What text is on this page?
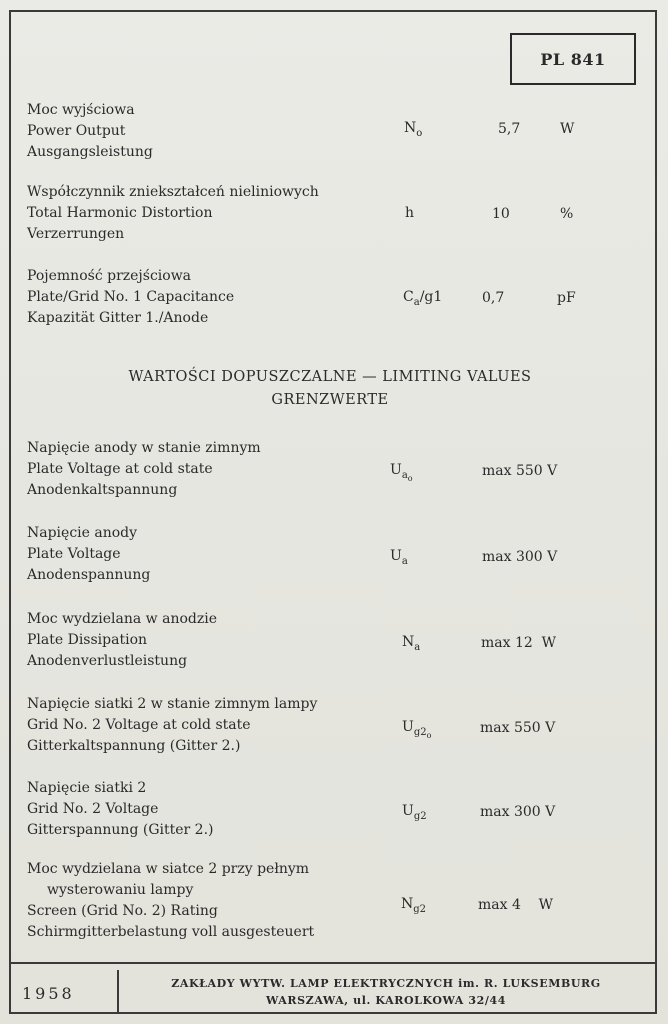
PL 841
Moc wyjściowa
Power Output
Ausgangsleistung
$N_o$	5,7	W
Współczynnik zniekształceń nieliniowych
Total Harmonic Distortion
Verzerrungen
h	10	%
Pojemność przejściowa
Plate/Grid No. 1 Capacitance
Kapazität Gitter 1./Anode
$C_a/g1$	0,7	pF
WARTOŚCI DOPUSZCZALNE — LIMITING VALUES
GRENZWERTE
Napięcie anody w stanie zimnym
Plate Voltage at cold state
Anodenkaltspannung
$U_{a_o}$	max 550 V
Napięcie anody
Plate Voltage
Anodenspannung
$U_a$	max 300 V
Moc wydzielana w anodzie
Plate Dissipation
Anodenverlustleistung
$N_a$	max 12  W
Napięcie siatki 2 w stanie zimnym lampy
Grid No. 2 Voltage at cold state
Gitterkaltspannung (Gitter 2.)
$U_{g2_o}$	max 550 V
Napięcie siatki 2
Grid No. 2 Voltage
Gitterspannung (Gitter 2.)
$U_{g2}$	max 300 V
Moc wydzielana w siatce 2 przy pełnym
wysterowaniu lampy
Screen (Grid No. 2) Rating
Schirmgitterbelastung voll ausgesteuert
$N_{g2}$	max 4    W
1958
ZAKŁADY WYTW. LAMP ELEKTRYCZNYCH im. R. LUKSEMBURG
WARSZAWA, ul. KAROLKOWA 32/44
